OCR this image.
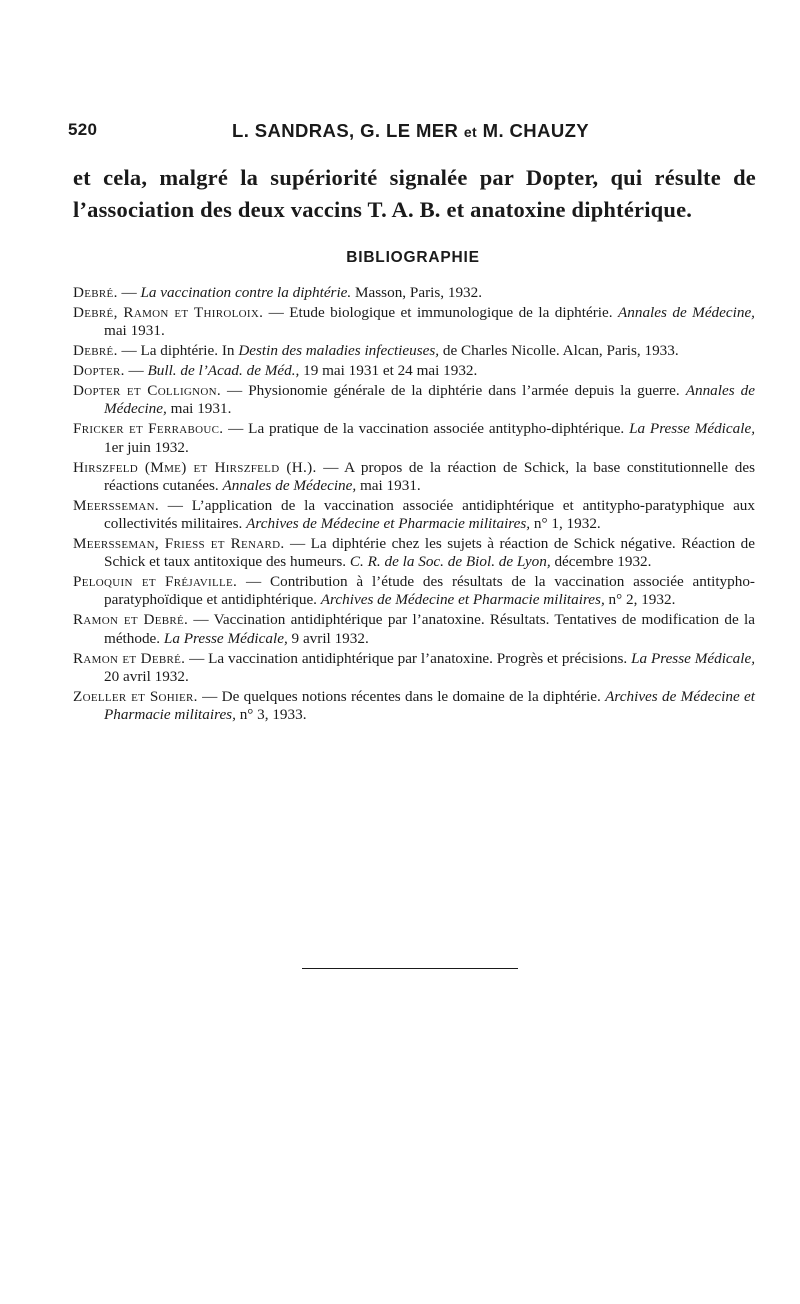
520	L. SANDRAS, G. LE MER et M. CHAUZY

et cela, malgré la supériorité signalée par Dopter, qui résulte de l’association des deux vaccins T. A. B. et anatoxine diphtérique.

BIBLIOGRAPHIE
Debré. — La vaccination contre la diphtérie. Masson, Paris, 1932.
Debré, Ramon et Thiroloix. — Etude biologique et immunologique de la diphtérie. Annales de Médecine, mai 1931.
Debré. — La diphtérie. In Destin des maladies infectieuses, de Charles Nicolle. Alcan, Paris, 1933.
Dopter. — Bull. de l’Acad. de Méd., 19 mai 1931 et 24 mai 1932.
Dopter et Collignon. — Physionomie générale de la diphtérie dans l’armée depuis la guerre. Annales de Médecine, mai 1931.
Fricker et Ferrabouc. — La pratique de la vaccination associée antitypho-diphtérique. La Presse Médicale, 1er juin 1932.
Hirszfeld (Mme) et Hirszfeld (H.). — A propos de la réaction de Schick, la base constitutionnelle des réactions cutanées. Annales de Médecine, mai 1931.
Meersseman. — L’application de la vaccination associée antidiphtérique et antitypho-paratyphique aux collectivités militaires. Archives de Médecine et Pharmacie militaires, n° 1, 1932.
Meersseman, Friess et Renard. — La diphtérie chez les sujets à réaction de Schick négative. Réaction de Schick et taux antitoxique des humeurs. C. R. de la Soc. de Biol. de Lyon, décembre 1932.
Peloquin et Fréjaville. — Contribution à l’étude des résultats de la vaccination associée antitypho-paratyphoïdique et antidiphtérique. Archives de Médecine et Pharmacie militaires, n° 2, 1932.
Ramon et Debré. — Vaccination antidiphtérique par l’anatoxine. Résultats. Tentatives de modification de la méthode. La Presse Médicale, 9 avril 1932.
Ramon et Debré. — La vaccination antidiphtérique par l’anatoxine. Progrès et précisions. La Presse Médicale, 20 avril 1932.
Zoeller et Sohier. — De quelques notions récentes dans le domaine de la diphtérie. Archives de Médecine et Pharmacie militaires, n° 3, 1933.
